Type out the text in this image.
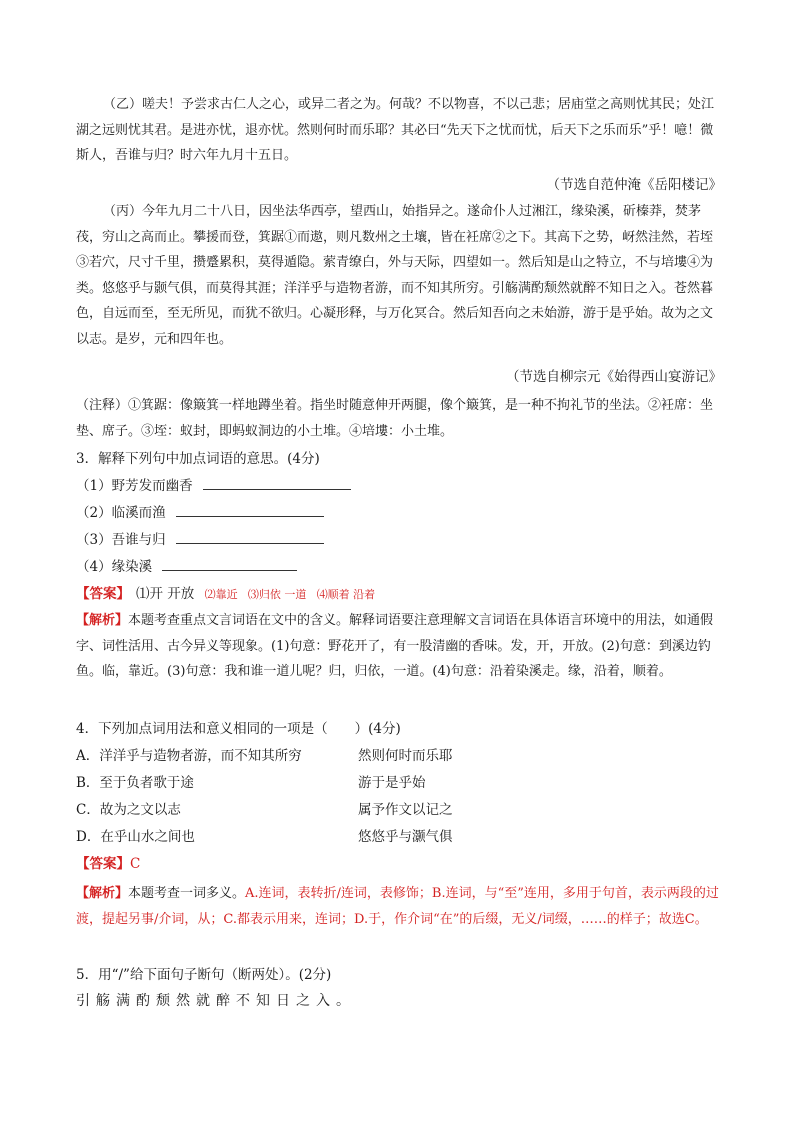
（乙）嗟夫！予尝求古仁人之心，或异二者之为。何哉？不以物喜，不以己悲；居庙堂之高则忧其民；处江湖之远则忧其君。是进亦忧，退亦忧。然则何时而乐耶？其必曰“先天下之忧而忧，后天下之乐而乐”乎！噫！微斯人，吾谁与归？时六年九月十五日。

（节选自范仲淹《岳阳楼记》

（丙）今年九月二十八日，因坐法华西亭，望西山，始指异之。遂命仆人过湘江，缘染溪，斫榛莽，焚茅茷，穷山之高而止。攀援而登，箕踞①而遨，则凡数州之土壤，皆在衽席②之下。其高下之势，岈然洼然，若垤③若穴，尺寸千里，攒蹙累积，莫得遁隐。萦青缭白，外与天际，四望如一。然后知是山之特立，不与培塿④为类。悠悠乎与颢气俱，而莫得其涯；洋洋乎与造物者游，而不知其所穷。引觞满酌颓然就醉不知日之入。苍然暮色，自远而至，至无所见，而犹不欲归。心凝形释，与万化冥合。然后知吾向之未始游，游于是乎始。故为之文以志。是岁，元和四年也。

（节选自柳宗元《始得西山宴游记》

（注释）①箕踞：像簸箕一样地蹲坐着。指坐时随意伸开两腿，像个簸箕，是一种不拘礼节的坐法。②衽席：坐垫、席子。③垤：蚁封，即蚂蚁洞边的小土堆。④培塿：小土堆。

3．解释下列句中加点词语的意思。(4分)

（1）野芳发而幽香

（2）临溪而渔

（3）吾谁与归

（4）缘染溪

【答案】 ⑴开 开放 ⑵靠近 ⑶归依 一道 ⑷顺着 沿着

【解析】本题考查重点文言词语在文中的含义。解释词语要注意理解文言词语在具体语言环境中的用法，如通假字、词性活用、古今异义等现象。(1)句意：野花开了，有一股清幽的香味。发，开，开放。(2)句意：到溪边钓鱼。临，靠近。(3)句意：我和谁一道儿呢？归，归依，一道。(4)句意：沿着染溪走。缘，沿着，顺着。

4．下列加点词用法和意义相同的一项是（　　）(4分)

A．洋洋乎与造物者游，而不知其所穷	然则何时而乐耶

B．至于负者歌于途	游于是乎始

C．故为之文以志	属予作文以记之

D．在乎山水之间也	悠悠乎与灏气俱

【答案】C

【解析】本题考查一词多义。A.连词，表转折/连词，表修饰；B.连词，与“至”连用，多用于句首，表示两段的过渡，提起另事/介词，从；C.都表示用来，连词；D.于，作介词“在”的后缀，无义/词缀，……的样子；故选C。

5．用“/”给下面句子断句（断两处）。(2分)

引觞满酌颓然就醉不知日之入。
